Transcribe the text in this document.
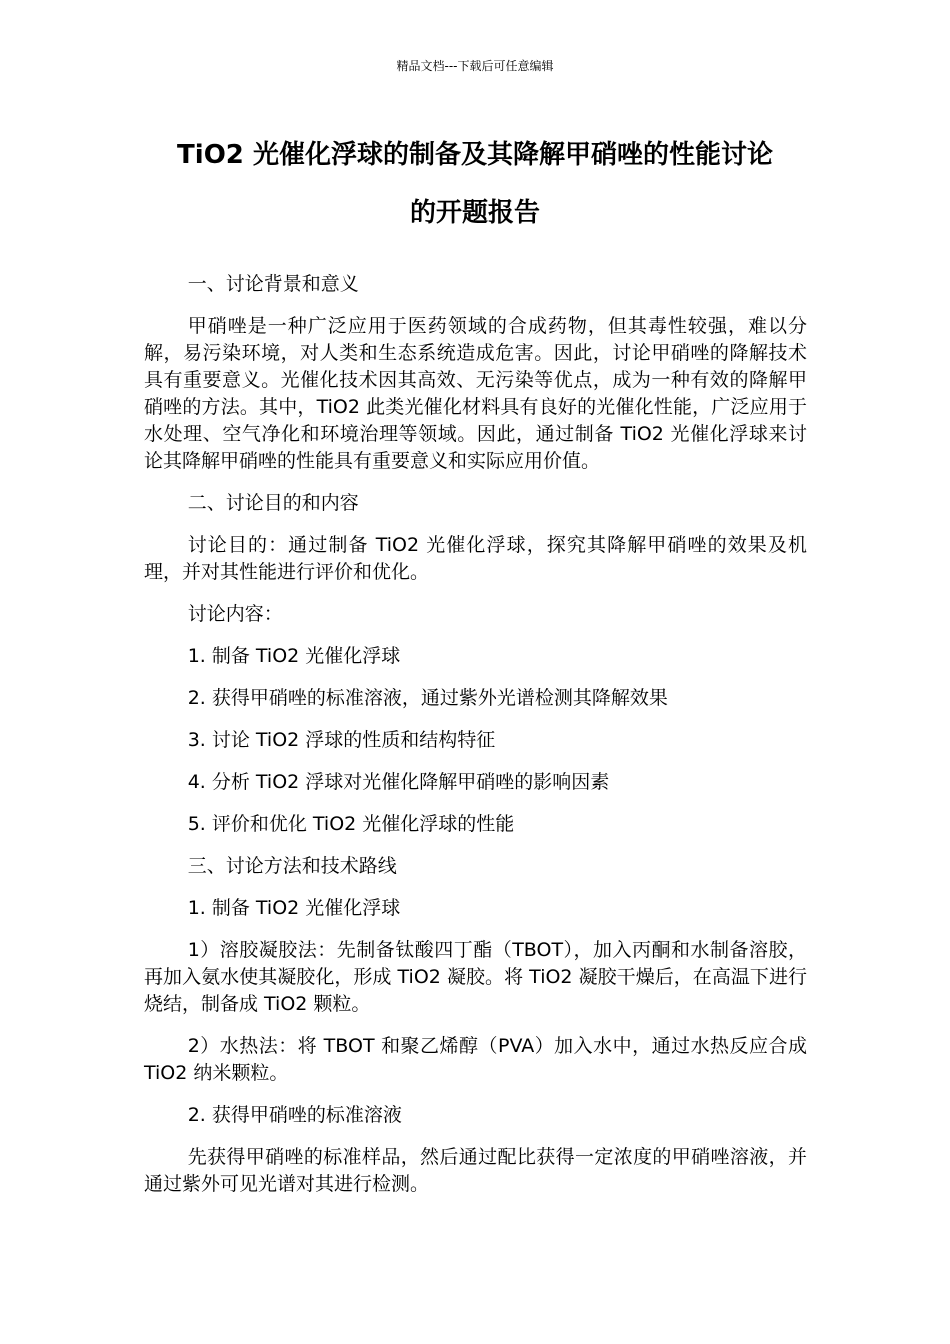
精品文档---下载后可任意编辑
TiO2 光催化浮球的制备及其降解甲硝唑的性能讨论
的开题报告

一、讨论背景和意义

甲硝唑是一种广泛应用于医药领域的合成药物，但其毒性较强，难以分解，易污染环境，对人类和生态系统造成危害。因此，讨论甲硝唑的降解技术具有重要意义。光催化技术因其高效、无污染等优点，成为一种有效的降解甲硝唑的方法。其中，TiO2 此类光催化材料具有良好的光催化性能，广泛应用于水处理、空气净化和环境治理等领域。因此，通过制备 TiO2 光催化浮球来讨论其降解甲硝唑的性能具有重要意义和实际应用价值。

二、讨论目的和内容

讨论目的：通过制备 TiO2 光催化浮球，探究其降解甲硝唑的效果及机理，并对其性能进行评价和优化。

讨论内容：

1. 制备 TiO2 光催化浮球

2. 获得甲硝唑的标准溶液，通过紫外光谱检测其降解效果

3. 讨论 TiO2 浮球的性质和结构特征

4. 分析 TiO2 浮球对光催化降解甲硝唑的影响因素

5. 评价和优化 TiO2 光催化浮球的性能

三、讨论方法和技术路线

1. 制备 TiO2 光催化浮球

1）溶胶凝胶法：先制备钛酸四丁酯（TBOT），加入丙酮和水制备溶胶，再加入氨水使其凝胶化，形成 TiO2 凝胶。将 TiO2 凝胶干燥后，在高温下进行烧结，制备成 TiO2 颗粒。

2）水热法：将 TBOT 和聚乙烯醇（PVA）加入水中，通过水热反应合成 TiO2 纳米颗粒。

2. 获得甲硝唑的标准溶液

先获得甲硝唑的标准样品，然后通过配比获得一定浓度的甲硝唑溶液，并通过紫外可见光谱对其进行检测。
